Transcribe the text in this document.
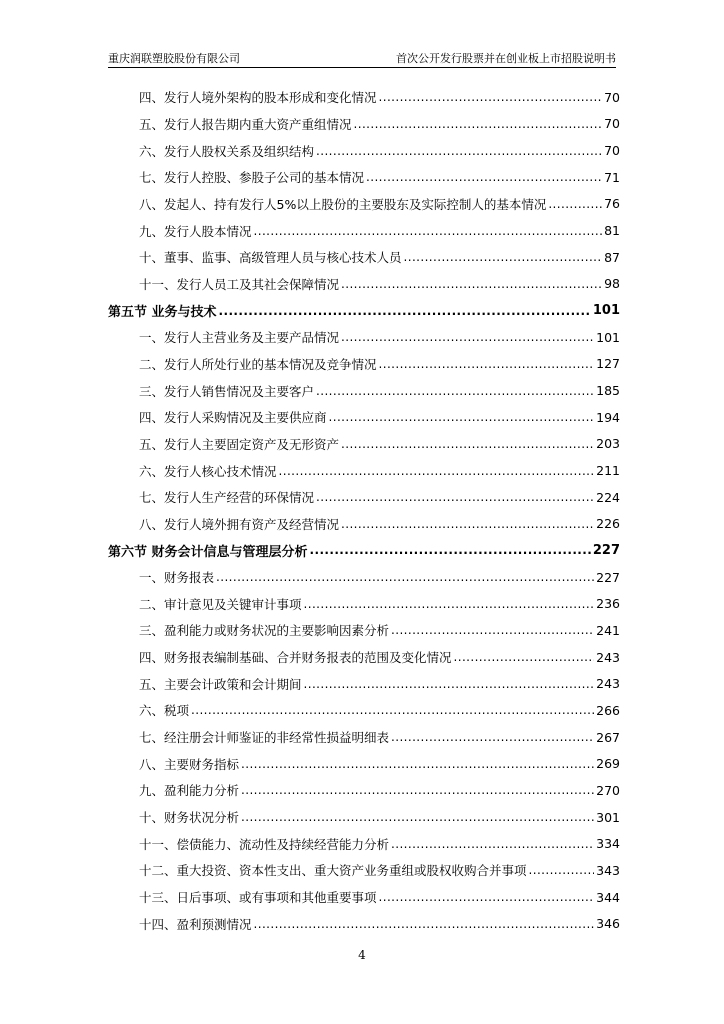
重庆润联塑胶股份有限公司	首次公开发行股票并在创业板上市招股说明书
四、发行人境外架构的股本形成和变化情况 .....	70
五、发行人报告期内重大资产重组情况 .....	70
六、发行人股权关系及组织结构 .....	70
七、发行人控股、参股子公司的基本情况 .....	71
八、发起人、持有发行人5%以上股份的主要股东及实际控制人的基本情况 .....	76
九、发行人股本情况 .....	81
十、董事、监事、高级管理人员与核心技术人员 .....	87
十一、发行人员工及其社会保障情况 .....	98
第五节 业务与技术 .....	101
一、发行人主营业务及主要产品情况 .....	101
二、发行人所处行业的基本情况及竞争情况 .....	127
三、发行人销售情况及主要客户 .....	185
四、发行人采购情况及主要供应商 .....	194
五、发行人主要固定资产及无形资产 .....	203
六、发行人核心技术情况 .....	211
七、发行人生产经营的环保情况 .....	224
八、发行人境外拥有资产及经营情况 .....	226
第六节 财务会计信息与管理层分析 .....	227
一、财务报表 .....	227
二、审计意见及关键审计事项 .....	236
三、盈利能力或财务状况的主要影响因素分析 .....	241
四、财务报表编制基础、合并财务报表的范围及变化情况 .....	243
五、主要会计政策和会计期间 .....	243
六、税项 .....	266
七、经注册会计师鉴证的非经常性损益明细表 .....	267
八、主要财务指标 .....	269
九、盈利能力分析 .....	270
十、财务状况分析 .....	301
十一、偿债能力、流动性及持续经营能力分析 .....	334
十二、重大投资、资本性支出、重大资产业务重组或股权收购合并事项 .....	343
十三、日后事项、或有事项和其他重要事项 .....	344
十四、盈利预测情况 .....	346
4
